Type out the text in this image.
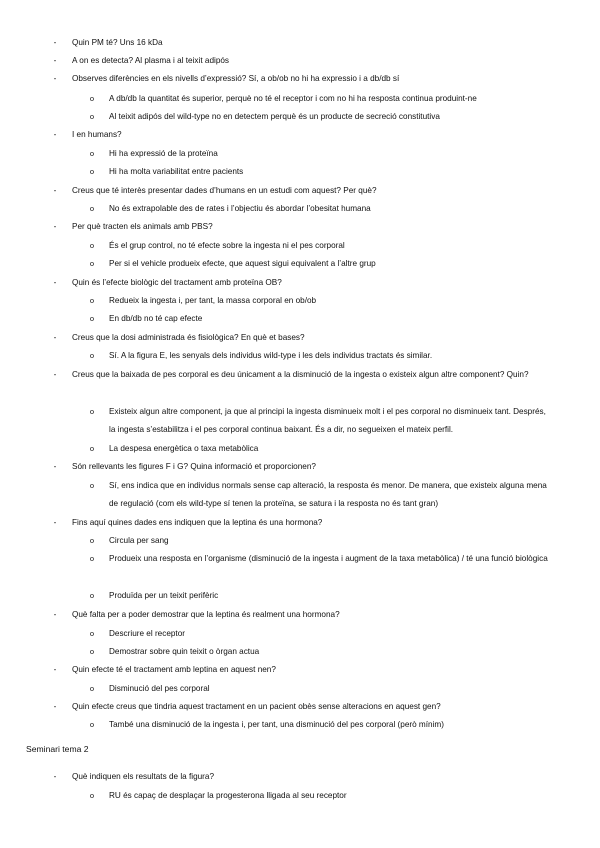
-	Quin PM té? Uns 16 kDa
-	A on es detecta? Al plasma i al teixit adipós
-	Observes diferències en els nivells d’expressió? Sí, a ob/ob no hi ha expressio i a db/db sí
o	A db/db la quantitat és superior, perquè no té el receptor i com no hi ha resposta continua produint-ne
o	Al teixit adipós del wild-type no en detectem perquè és un producte de secreció constitutiva
-	I en humans?
o	Hi ha expressió de la proteïna
o	Hi ha molta variabilitat entre pacients
-	Creus que té interès presentar dades d’humans en un estudi com aquest? Per què?
o	No és extrapolable des de rates i l’objectiu és abordar l’obesitat humana
-	Per què tracten els animals amb PBS?
o	És el grup control, no té efecte sobre la ingesta ni el pes corporal
o	Per si el vehicle produeix efecte, que aquest sigui equivalent a l’altre grup
-	Quin és l’efecte biològic del tractament amb proteïna OB?
o	Redueix la ingesta i, per tant, la massa corporal en ob/ob
o	En db/db no té cap efecte
-	Creus que la dosi administrada és fisiològica? En què et bases?
o	Sí. A la figura E, les senyals dels individus wild-type i les dels individus tractats és similar.
-	Creus que la baixada de pes corporal es deu únicament a la disminució de la ingesta o existeix algun altre component? Quin?
o	Existeix algun altre component, ja que al principi la ingesta disminueix molt i el pes corporal no disminueix tant. Després, la ingesta s’estabilitza i el pes corporal continua baixant. És a dir, no segueixen el mateix perfil.
o	La despesa energètica o taxa metabòlica
-	Són rellevants les figures F i G? Quina informació et proporcionen?
o	Sí, ens indica que en individus normals sense cap alteració, la resposta és menor. De manera, que existeix alguna mena de regulació (com els wild-type sí tenen la proteïna, se satura i la resposta no és tant gran)
-	Fins aquí quines dades ens indiquen que la leptina és una hormona?
o	Circula per sang
o	Produeix una resposta en l’organisme (disminució de la ingesta i augment de la taxa metabòlica) / té una funció biològica
o	Produïda per un teixit perifèric
-	Què falta per a poder demostrar que la leptina és realment una hormona?
o	Descriure el receptor
o	Demostrar sobre quin teixit o òrgan actua
-	Quin efecte té el tractament amb leptina en aquest nen?
o	Disminució del pes corporal
-	Quin efecte creus que tindria aquest tractament en un pacient obès sense alteracions en aquest gen?
o	També una disminució de la ingesta i, per tant, una disminució del pes corporal (però mínim)
Seminari tema 2
-	Què indiquen els resultats de la figura?
o	RU és capaç de desplaçar la progesterona lligada al seu receptor
